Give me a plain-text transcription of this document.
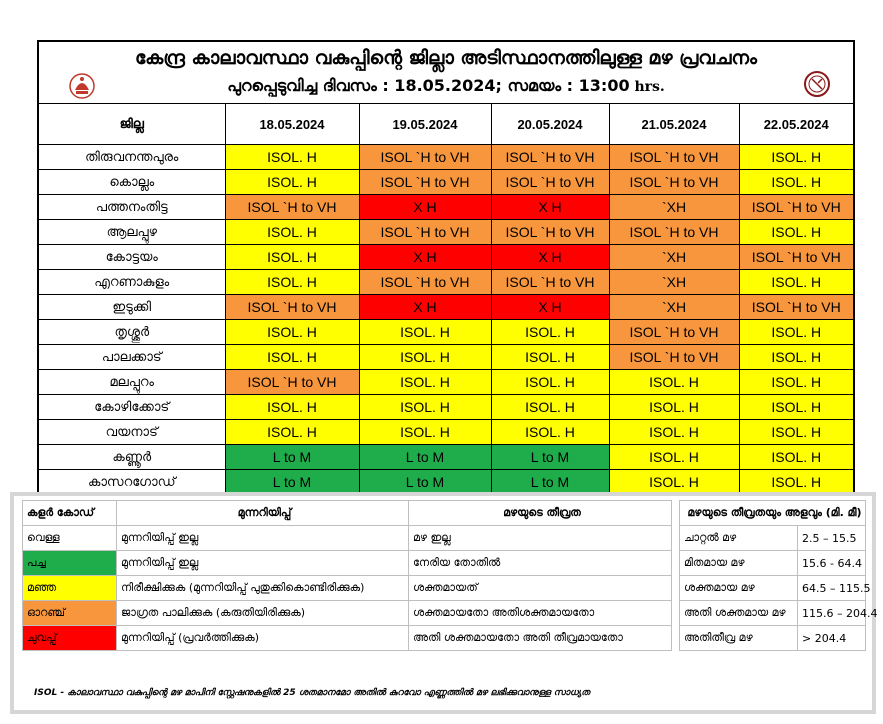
കേന്ദ്ര കാലാവസ്ഥാ വകുപ്പിന്റെ ജില്ലാ അടിസ്ഥാനത്തിലുള്ള മഴ പ്രവചനം
പുറപ്പെടുവിച്ച ദിവസം : 18.05.2024; സമയം : 13:00 hrs.
ജില്ല	18.05.2024	19.05.2024	20.05.2024	21.05.2024	22.05.2024
തിരുവനന്തപുരം	ISOL. H	ISOL `H to VH	ISOL `H to VH	ISOL `H to VH	ISOL. H
കൊല്ലം	ISOL. H	ISOL `H to VH	ISOL `H to VH	ISOL `H to VH	ISOL. H
പത്തനംതിട്ട	ISOL `H to VH	X H	X H	`XH	ISOL `H to VH
ആലപ്പുഴ	ISOL. H	ISOL `H to VH	ISOL `H to VH	ISOL `H to VH	ISOL. H
കോട്ടയം	ISOL. H	X H	X H	`XH	ISOL `H to VH
എറണാകുളം	ISOL. H	ISOL `H to VH	ISOL `H to VH	`XH	ISOL. H
ഇടുക്കി	ISOL `H to VH	X H	X H	`XH	ISOL `H to VH
തൃശ്ശൂർ	ISOL. H	ISOL. H	ISOL. H	ISOL `H to VH	ISOL. H
പാലക്കാട്	ISOL. H	ISOL. H	ISOL. H	ISOL `H to VH	ISOL. H
മലപ്പുറം	ISOL `H to VH	ISOL. H	ISOL. H	ISOL. H	ISOL. H
കോഴിക്കോട്	ISOL. H	ISOL. H	ISOL. H	ISOL. H	ISOL. H
വയനാട്	ISOL. H	ISOL. H	ISOL. H	ISOL. H	ISOL. H
കണ്ണൂർ	L to M	L to M	L to M	ISOL. H	ISOL. H
കാസറഗോഡ്	L to M	L to M	L to M	ISOL. H	ISOL. H
കളർ കോഡ്	മുന്നറിയിപ്പ്	മഴയുടെ തീവ്രത		മഴയുടെ തീവ്രതയും അളവും (മി. മീ)	
വെള്ള	മുന്നറിയിപ്പ് ഇല്ല	മഴ ഇല്ല		ചാറ്റൽ മഴ	2.5 – 15.5
പച്ച	മുന്നറിയിപ്പ് ഇല്ല	നേരിയ തോതിൽ		മിതമായ മഴ	15.6 - 64.4
മഞ്ഞ	നിരീക്ഷിക്കുക (മുന്നറിയിപ്പ് പുതുക്കികൊണ്ടിരിക്കുക)	ശക്തമായത്		ശക്തമായ മഴ	64.5 – 115.5
ഓറഞ്ച്	ജാഗ്രത പാലിക്കുക (കരുതിയിരിക്കുക)	ശക്തമായതോ അതിശക്തമായതോ		അതി ശക്തമായ മഴ	115.6 – 204.4
ചുവപ്പ്	മുന്നറിയിപ്പ് (പ്രവർത്തിക്കുക)	അതി ശക്തമായതോ അതി തീവ്രമായതോ		അതിതീവ്ര മഴ	> 204.4
ISOL - കാലാവസ്ഥാ വകുപ്പിന്റെ മഴ മാപിനി സ്റ്റേഷനുകളിൽ 25 ശതമാനമോ അതിൽ കുറവോ എണ്ണത്തിൽ മഴ ലഭിക്കുവാനുള്ള സാധ്യത
